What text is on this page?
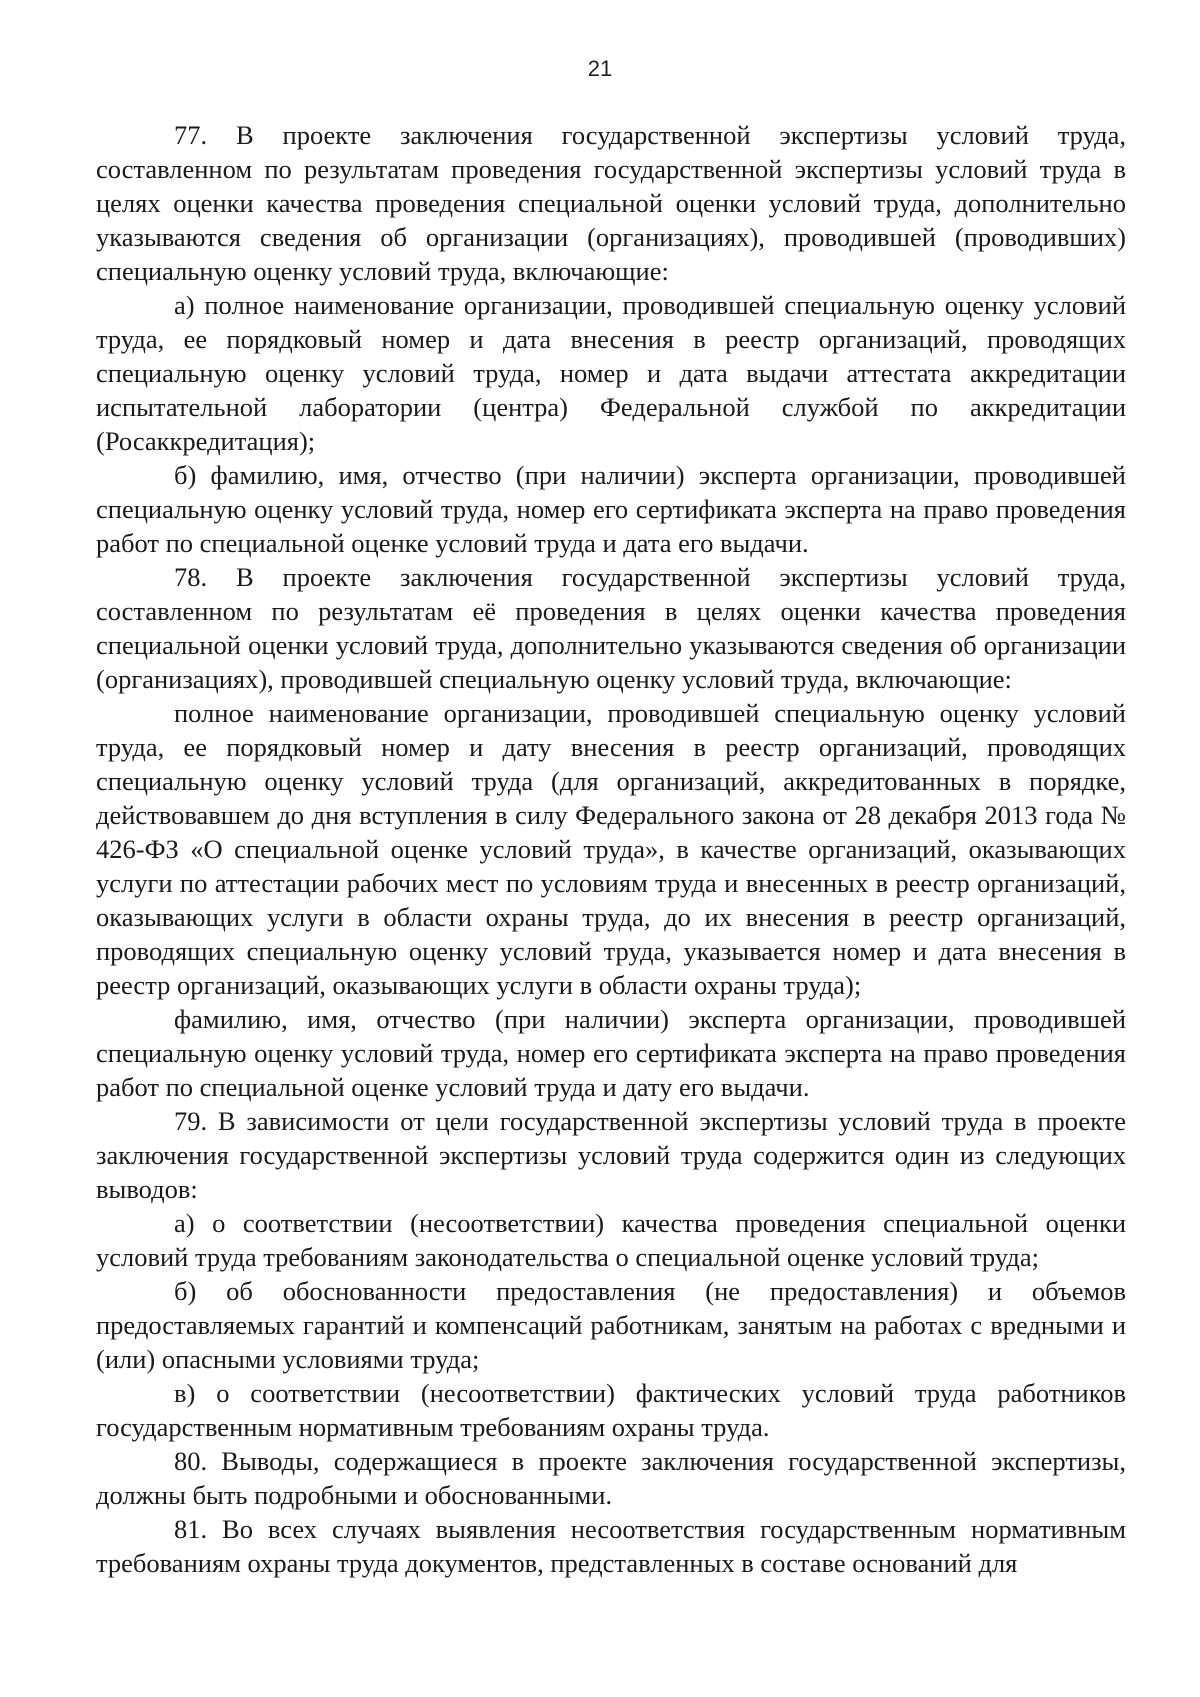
21

77. В проекте заключения государственной экспертизы условий труда, составленном по результатам проведения государственной экспертизы условий труда в целях оценки качества проведения специальной оценки условий труда, дополнительно указываются сведения об организации (организациях), проводившей (проводивших) специальную оценку условий труда, включающие:

а) полное наименование организации, проводившей специальную оценку условий труда, ее порядковый номер и дата внесения в реестр организаций, проводящих специальную оценку условий труда, номер и дата выдачи аттестата аккредитации испытательной лаборатории (центра) Федеральной службой по аккредитации (Росаккредитация);

б) фамилию, имя, отчество (при наличии) эксперта организации, проводившей специальную оценку условий труда, номер его сертификата эксперта на право проведения работ по специальной оценке условий труда и дата его выдачи.

78. В проекте заключения государственной экспертизы условий труда, составленном по результатам её проведения в целях оценки качества проведения специальной оценки условий труда, дополнительно указываются сведения об организации (организациях), проводившей специальную оценку условий труда, включающие:

полное наименование организации, проводившей специальную оценку условий труда, ее порядковый номер и дату внесения в реестр организаций, проводящих специальную оценку условий труда (для организаций, аккредитованных в порядке, действовавшем до дня вступления в силу Федерального закона от 28 декабря 2013 года № 426-ФЗ «О специальной оценке условий труда», в качестве организаций, оказывающих услуги по аттестации рабочих мест по условиям труда и внесенных в реестр организаций, оказывающих услуги в области охраны труда, до их внесения в реестр организаций, проводящих специальную оценку условий труда, указывается номер и дата внесения в реестр организаций, оказывающих услуги в области охраны труда);

фамилию, имя, отчество (при наличии) эксперта организации, проводившей специальную оценку условий труда, номер его сертификата эксперта на право проведения работ по специальной оценке условий труда и дату его выдачи.

79. В зависимости от цели государственной экспертизы условий труда в проекте заключения государственной экспертизы условий труда содержится один из следующих выводов:

а) о соответствии (несоответствии) качества проведения специальной оценки условий труда требованиям законодательства о специальной оценке условий труда;

б) об обоснованности предоставления (не предоставления) и объемов предоставляемых гарантий и компенсаций работникам, занятым на работах с вредными и (или) опасными условиями труда;

в) о соответствии (несоответствии) фактических условий труда работников государственным нормативным требованиям охраны труда.

80. Выводы, содержащиеся в проекте заключения государственной экспертизы, должны быть подробными и обоснованными.

81. Во всех случаях выявления несоответствия государственным нормативным требованиям охраны труда документов, представленных в составе оснований для
